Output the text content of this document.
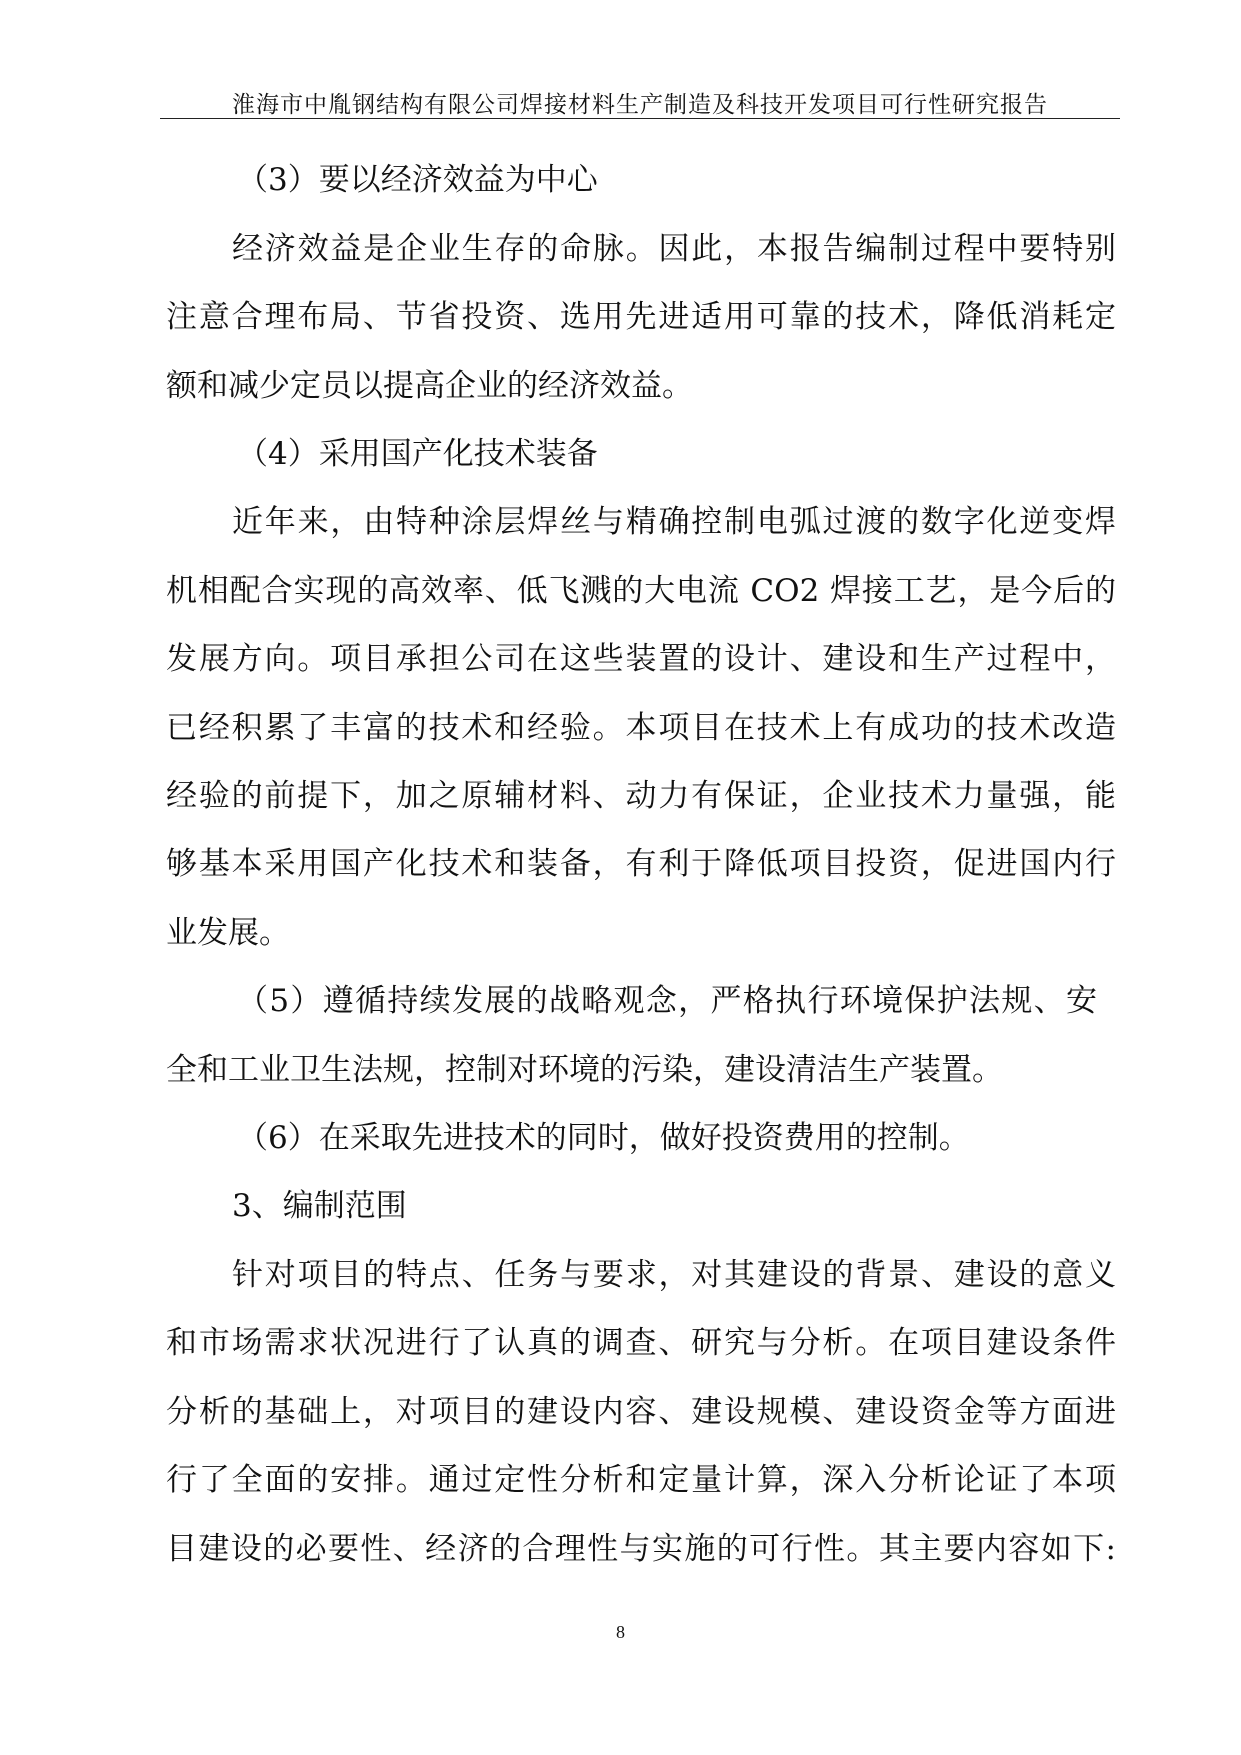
淮海市中胤钢结构有限公司焊接材料生产制造及科技开发项目可行性研究报告
（3）要以经济效益为中心
经济效益是企业生存的命脉。因此，本报告编制过程中要特别
注意合理布局、节省投资、选用先进适用可靠的技术，降低消耗定
额和减少定员以提高企业的经济效益。
（4）采用国产化技术装备
近年来，由特种涂层焊丝与精确控制电弧过渡的数字化逆变焊
机相配合实现的高效率、低飞溅的大电流 CO2 焊接工艺，是今后的
发展方向。项目承担公司在这些装置的设计、建设和生产过程中，
已经积累了丰富的技术和经验。本项目在技术上有成功的技术改造
经验的前提下，加之原辅材料、动力有保证，企业技术力量强，能
够基本采用国产化技术和装备，有利于降低项目投资，促进国内行
业发展。
（5）遵循持续发展的战略观念，严格执行环境保护法规、安
全和工业卫生法规，控制对环境的污染，建设清洁生产装置。
（6）在采取先进技术的同时，做好投资费用的控制。
3、编制范围
针对项目的特点、任务与要求，对其建设的背景、建设的意义
和市场需求状况进行了认真的调查、研究与分析。在项目建设条件
分析的基础上，对项目的建设内容、建设规模、建设资金等方面进
行了全面的安排。通过定性分析和定量计算，深入分析论证了本项
目建设的必要性、经济的合理性与实施的可行性。其主要内容如下:
8
